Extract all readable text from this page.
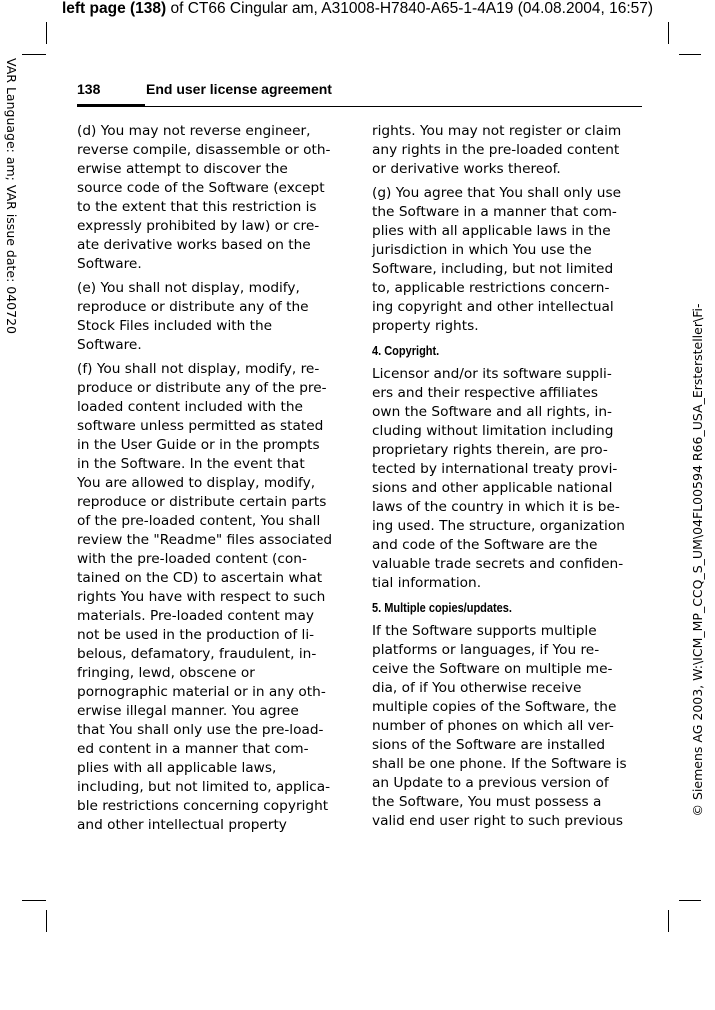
left page (138) of CT66 Cingular am, A31008-H7840-A65-1-4A19 (04.08.2004, 16:57)
VAR Language: am; VAR issue date: 040720
© Siemens AG 2003, W:\ICM_MP_CCQ_S_UM\04FL00594 R66_USA_Erstersteller\Fi-
138	End user license agreement
(d) You may not reverse engineer,
reverse compile, disassemble or oth-
erwise attempt to discover the
source code of the Software (except
to the extent that this restriction is
expressly prohibited by law) or cre-
ate derivative works based on the
Software.
(e) You shall not display, modify,
reproduce or distribute any of the
Stock Files included with the
Software.
(f) You shall not display, modify, re-
produce or distribute any of the pre-
loaded content included with the
software unless permitted as stated
in the User Guide or in the prompts
in the Software. In the event that
You are allowed to display, modify,
reproduce or distribute certain parts
of the pre-loaded content, You shall
review the "Readme" files associated
with the pre-loaded content (con-
tained on the CD) to ascertain what
rights You have with respect to such
materials. Pre-loaded content may
not be used in the production of li-
belous, defamatory, fraudulent, in-
fringing, lewd, obscene or
pornographic material or in any oth-
erwise illegal manner. You agree
that You shall only use the pre-load-
ed content in a manner that com-
plies with all applicable laws,
including, but not limited to, applica-
ble restrictions concerning copyright
and other intellectual property
rights. You may not register or claim
any rights in the pre-loaded content
or derivative works thereof.
(g) You agree that You shall only use
the Software in a manner that com-
plies with all applicable laws in the
jurisdiction in which You use the
Software, including, but not limited
to, applicable restrictions concern-
ing copyright and other intellectual
property rights.
4. Copyright.
Licensor and/or its software suppli-
ers and their respective affiliates
own the Software and all rights, in-
cluding without limitation including
proprietary rights therein, are pro-
tected by international treaty provi-
sions and other applicable national
laws of the country in which it is be-
ing used. The structure, organization
and code of the Software are the
valuable trade secrets and confiden-
tial information.
5. Multiple copies/updates.
If the Software supports multiple
platforms or languages, if You re-
ceive the Software on multiple me-
dia, of if You otherwise receive
multiple copies of the Software, the
number of phones on which all ver-
sions of the Software are installed
shall be one phone. If the Software is
an Update to a previous version of
the Software, You must possess a
valid end user right to such previous
